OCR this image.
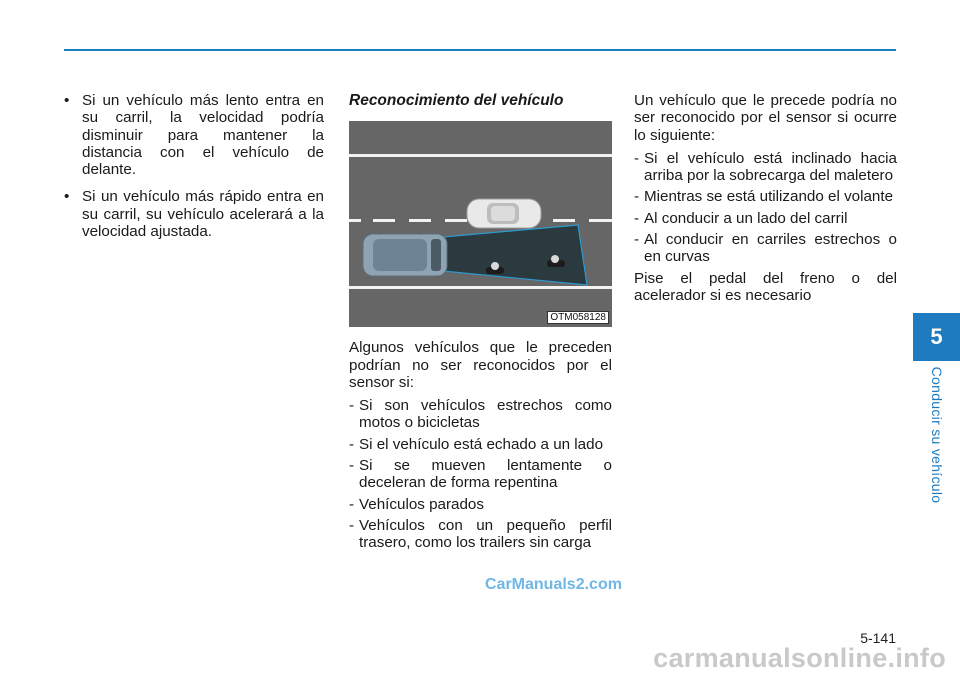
• Si un vehículo más lento entra en su carril, la velocidad podría disminuir para mantener la distancia con el vehículo de delante.
• Si un vehículo más rápido entra en su carril, su vehículo acelerará a la velocidad ajustada.
Reconocimiento del vehículo
OTM058128

Algunos vehículos que le preceden podrían no ser reconocidos por el sensor si:

- Si son vehículos estrechos como motos o bicicletas
- Si el vehículo está echado a un lado
- Si se mueven lentamente o deceleran de forma repentina
- Vehículos parados
- Vehículos con un pequeño perfil trasero, como los trailers sin carga

Un vehículo que le precede podría no ser reconocido por el sensor si ocurre lo siguiente:

- Si el vehículo está inclinado hacia arriba por la sobrecarga del maletero
- Mientras se está utilizando el volante
- Al conducir a un lado del carril
- Al conducir en carriles estrechos o en curvas

Pise el pedal del freno o del acelerador si es necesario

5
Conducir su vehículo
5-141
CarManuals2.com
carmanualsonline.info
